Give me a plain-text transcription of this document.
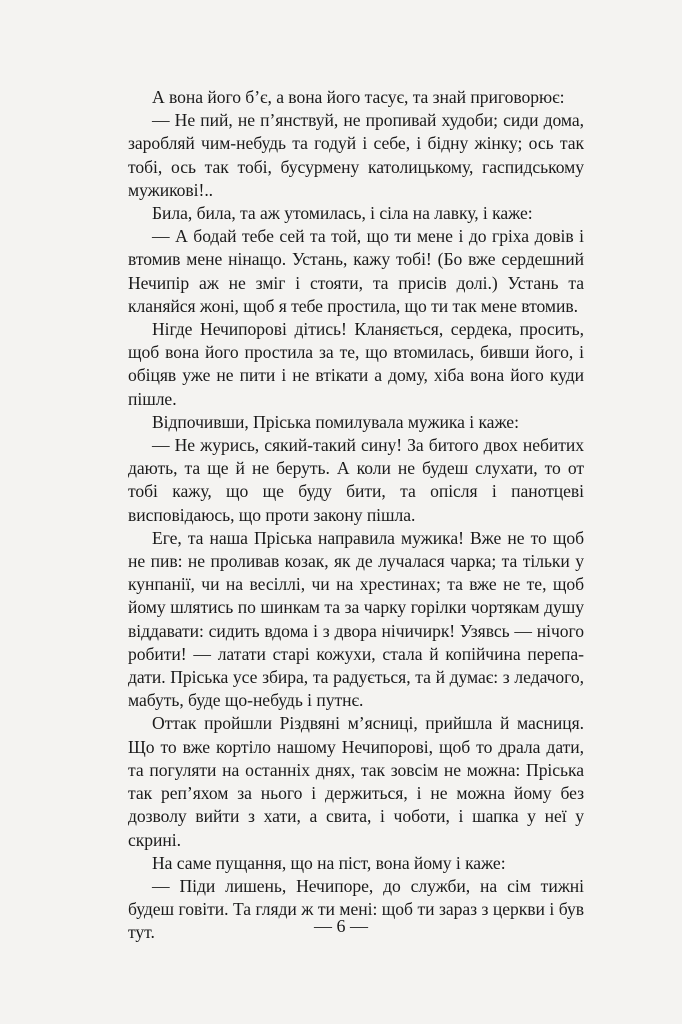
А вона його б’є, а вона його тасує, та знай приговорює:

— Не пий, не п’янствуй, не пропивай худоби; сиди дома, заробляй чим-небудь та годуй і себе, і бідну жінку; ось так тобі, ось так тобі, бусурмену католицькому, гаспидському мужикові!..

Била, била, та аж утомилась, і сіла на лавку, і каже:

— А бодай тебе сей та той, що ти мене і до гріха довів і втомив мене нінащо. Устань, кажу тобі! (Бо вже сердешний Нечипір аж не зміг і стояти, та присів долі.) Устань та кланяйся жоні, щоб я тебе простила, що ти так мене втомив.

Нігде Нечипорові дітись! Кланяється, сердека, просить, щоб вона його простила за те, що втомилась, бивши його, і обіцяв уже не пити і не втікати а дому, хіба вона його куди пішле.

Відпочивши, Пріська помилувала мужика і каже:

— Не журись, сякий-такий сину! За битого двох небитих дають, та ще й не беруть. А коли не будеш слухати, то от тобі кажу, що ще буду бити, та опісля і панотцеві висповідаюсь, що проти закону пішла.

Еге, та наша Пріська направила мужика! Вже не то щоб не пив: не проливав козак, як де лучалася чарка; та тільки у кунпанії, чи на весіллі, чи на хрестинах; та вже не те, щоб йому шлятись по шинкам та за чарку горілки чортякам душу віддавати: сидить вдома і з двора нічичирк! Узявсь — нічого робити! — латати старі кожухи, стала й копійчина перепадати. Пріська усе збира, та радується, та й думає: з ледачого, мабуть, буде що-небудь і путнє.

Оттак пройшли Різдвяні м’ясниці, прийшла й масниця. Що то вже кортіло нашому Нечипорові, щоб то драла дати, та погуляти на останніх днях, так зовсім не можна: Пріська так реп’яхом за нього і держиться, і не можна йому без дозволу вийти з хати, а свита, і чоботи, і шапка у неї у скрині.

На саме пущання, що на піст, вона йому і каже:

— Піди лишень, Нечипоре, до служби, на сім тижні будеш говіти. Та гляди ж ти мені: щоб ти зараз з церкви і був тут.	— 6 —
